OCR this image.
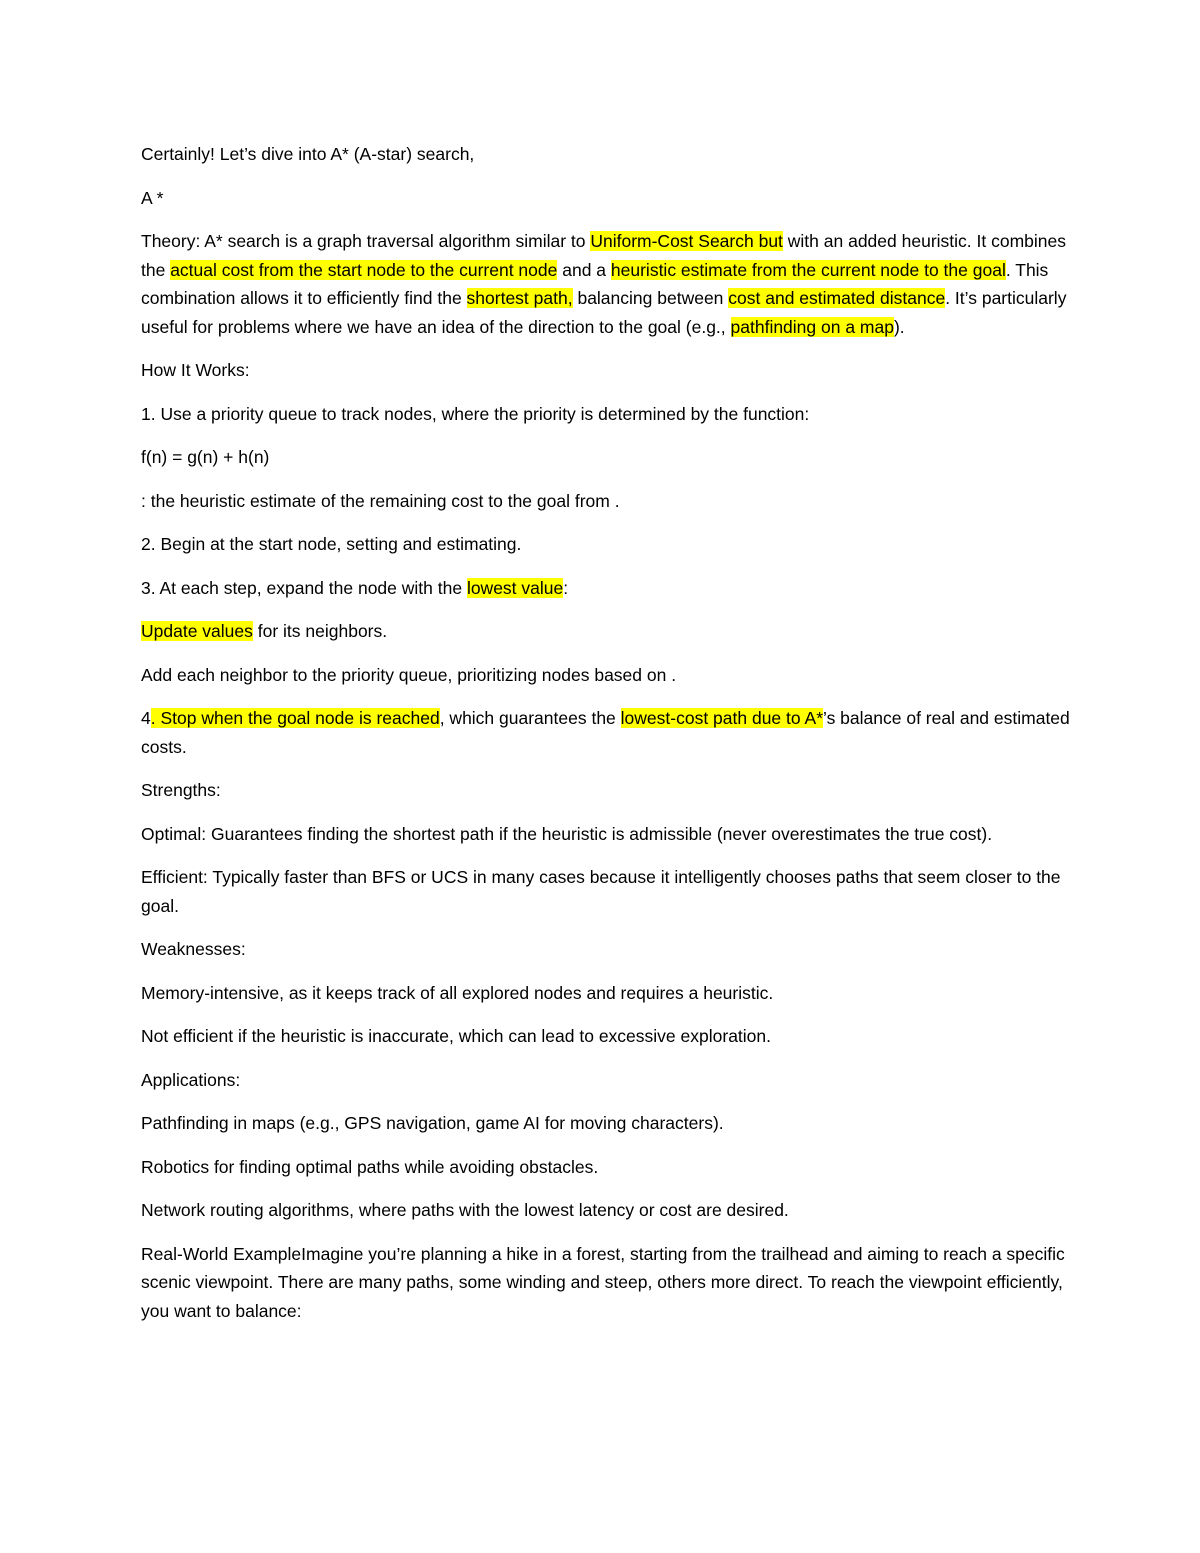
Certainly! Let’s dive into A* (A-star) search,

A *

Theory: A* search is a graph traversal algorithm similar to Uniform-Cost Search but with an added heuristic. It combines the actual cost from the start node to the current node and a heuristic estimate from the current node to the goal. This combination allows it to efficiently find the shortest path, balancing between cost and estimated distance. It’s particularly useful for problems where we have an idea of the direction to the goal (e.g., pathfinding on a map).

How It Works:

1. Use a priority queue to track nodes, where the priority is determined by the function:

f(n) = g(n) + h(n)

: the heuristic estimate of the remaining cost to the goal from .

2. Begin at the start node, setting and estimating.

3. At each step, expand the node with the lowest value:

Update values for its neighbors.

Add each neighbor to the priority queue, prioritizing nodes based on .

4. Stop when the goal node is reached, which guarantees the lowest-cost path due to A*’s balance of real and estimated costs.

Strengths:

Optimal: Guarantees finding the shortest path if the heuristic is admissible (never overestimates the true cost).

Efficient: Typically faster than BFS or UCS in many cases because it intelligently chooses paths that seem closer to the goal.

Weaknesses:

Memory-intensive, as it keeps track of all explored nodes and requires a heuristic.

Not efficient if the heuristic is inaccurate, which can lead to excessive exploration.

Applications:

Pathfinding in maps (e.g., GPS navigation, game AI for moving characters).

Robotics for finding optimal paths while avoiding obstacles.

Network routing algorithms, where paths with the lowest latency or cost are desired.

Real-World ExampleImagine you’re planning a hike in a forest, starting from the trailhead and aiming to reach a specific scenic viewpoint. There are many paths, some winding and steep, others more direct. To reach the viewpoint efficiently, you want to balance:
